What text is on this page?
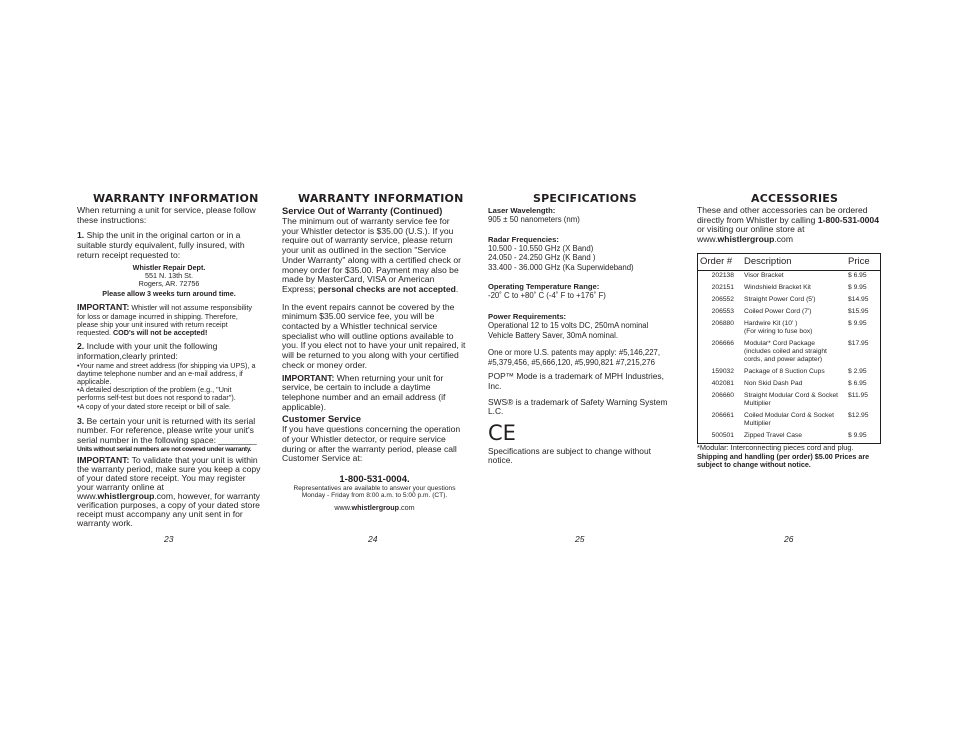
WARRANTY INFORMATION

When returning a unit for service, please follow these instructions:

1. Ship the unit in the original carton or in a suitable sturdy equivalent, fully insured, with return receipt requested to:

Whistler Repair Dept.

551 N. 13th St.

Rogers, AR. 72756

Please allow 3 weeks turn around time.

IMPORTANT: Whistler will not assume responsibility for loss or damage incurred in shipping. Therefore, please ship your unit insured with return receipt requested. COD's will not be accepted!

2. Include with your unit the following information,clearly printed:

•Your name and street address (for shipping via UPS), a daytime telephone number and an e-mail address, if applicable.

•A detailed description of the problem (e.g., "Unit performs self-test but does not respond to radar").

•A copy of your dated store receipt or bill of sale.

3. Be certain your unit is returned with its serial number. For reference, please write your unit's serial number in the following space: ________

Units without serial numbers are not covered under warranty.

IMPORTANT: To validate that your unit is within the warranty period, make sure you keep a copy of your dated store receipt. You may register your warranty online at www.whistlergroup.com, however, for warranty verification purposes, a copy of your dated store receipt must accompany any unit sent in for warranty work.

23
WARRANTY INFORMATION

Service Out of Warranty (Continued)

The minimum out of warranty service fee for your Whistler detector is $35.00 (U.S.). If you require out of warranty service, please return your unit as outlined in the section "Service Under Warranty" along with a certified check or money order for $35.00. Payment may also be made by MasterCard, VISA or American Express; personal checks are not accepted.

In the event repairs cannot be covered by the minimum $35.00 service fee, you will be contacted by a Whistler technical service specialist who will outline options available to you. If you elect not to have your unit repaired, it will be returned to you along with your certified check or money order.

IMPORTANT: When returning your unit for service, be certain to include a daytime telephone number and an email address (if applicable).

Customer Service

If you have questions concerning the operation of your Whistler detector, or require service during or after the warranty period, please call Customer Service at:

1-800-531-0004.

Representatives are available to answer your questions

Monday - Friday from 8:00 a.m. to 5:00 p.m. (CT).

www.whistlergroup.com

24
SPECIFICATIONS

Laser Wavelength:

905 ± 50 nanometers (nm)

Radar Frequencies:

10.500 - 10.550 GHz (X Band)

24.050 - 24.250 GHz (K Band )

33.400 - 36.000 GHz (Ka Superwideband)

Operating Temperature Range:

-20˚ C to +80˚ C (-4˚ F to +176˚ F)

Power Requirements:

Operational 12 to 15 volts DC, 250mA nominal Vehicle Battery Saver, 30mA nominal.

One or more U.S. patents may apply: #5,146,227, #5,379,456, #5,666,120, #5,990,821 #7,215,276

POP™ Mode is a trademark of MPH Industries, Inc.

SWS® is a trademark of Safety Warning System L.C.

CE

Specifications are subject to change without notice.

25
ACCESSORIES

These and other accessories can be ordered directly from Whistler by calling 1-800-531-0004 or visiting our online store at www.whistlergroup.com

Order #	Description	Price
202138	Visor Bracket	$ 6.95
202151	Windshield Bracket Kit	$ 9.95
206552	Straight Power Cord (5')	$14.95
206553	Coiled Power Cord (7')	$15.95
206880	Hardwire Kit (10' )
(For wiring to fuse box)	$ 9.95
206666	Modular* Cord Package
(includes coiled and straight cords, and power adapter)	$17.95
159032	Package of 8 Suction Cups	$ 2.95
402081	Non Skid Dash Pad	$ 6.95
206660	Straight Modular Cord & Socket Multiplier	$11.95
206661	Coiled Modular Cord & Socket Multiplier	$12.95
500501	Zipped Travel Case	$ 9.95

*Modular: Interconnecting pieces cord and plug.

Shipping and handling (per order) $5.00 Prices are subject to change without notice.

26
